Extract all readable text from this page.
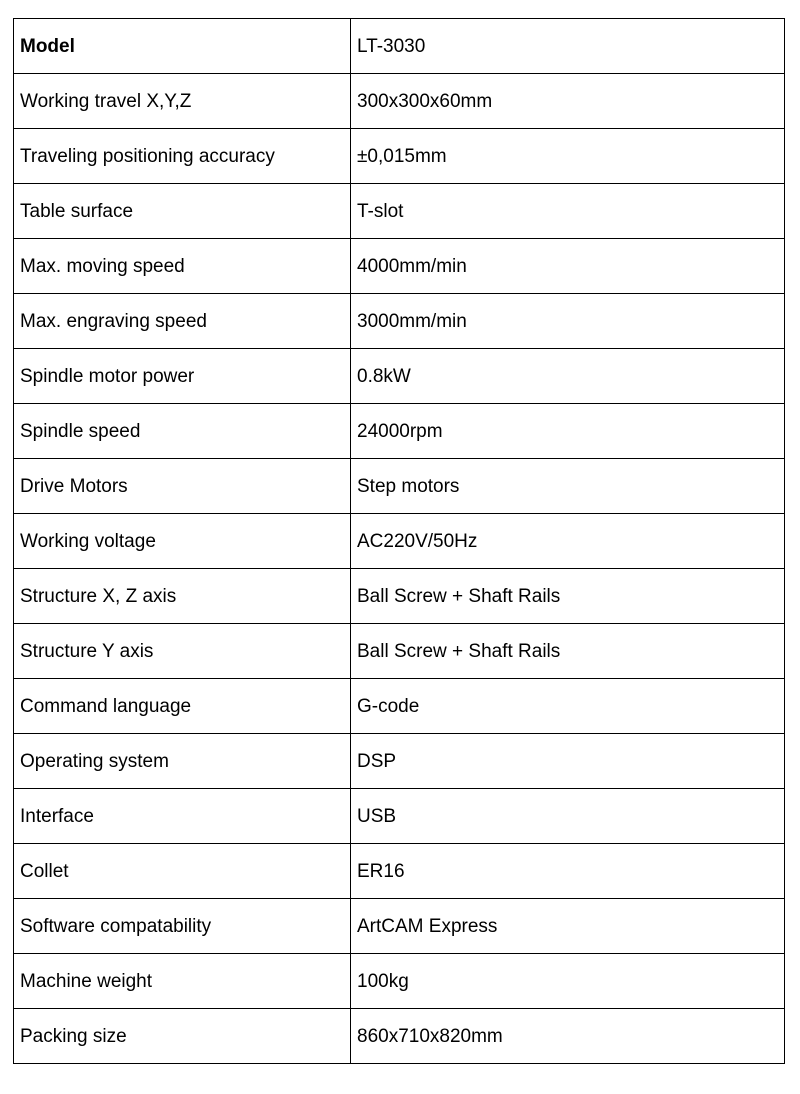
Model	LT-3030
Working travel X,Y,Z	300x300x60mm
Traveling positioning accuracy	±0,015mm
Table surface	T-slot
Max. moving speed	4000mm/min
Max. engraving speed	3000mm/min
Spindle motor power	0.8kW
Spindle speed	24000rpm
Drive Motors	Step motors
Working voltage	AC220V/50Hz
Structure X, Z axis	Ball Screw + Shaft Rails
Structure Y axis	Ball Screw + Shaft Rails
Command language	G-code
Operating system	DSP
Interface	USB
Collet	ER16
Software compatability	ArtCAM Express
Machine weight	100kg
Packing size	860x710x820mm
